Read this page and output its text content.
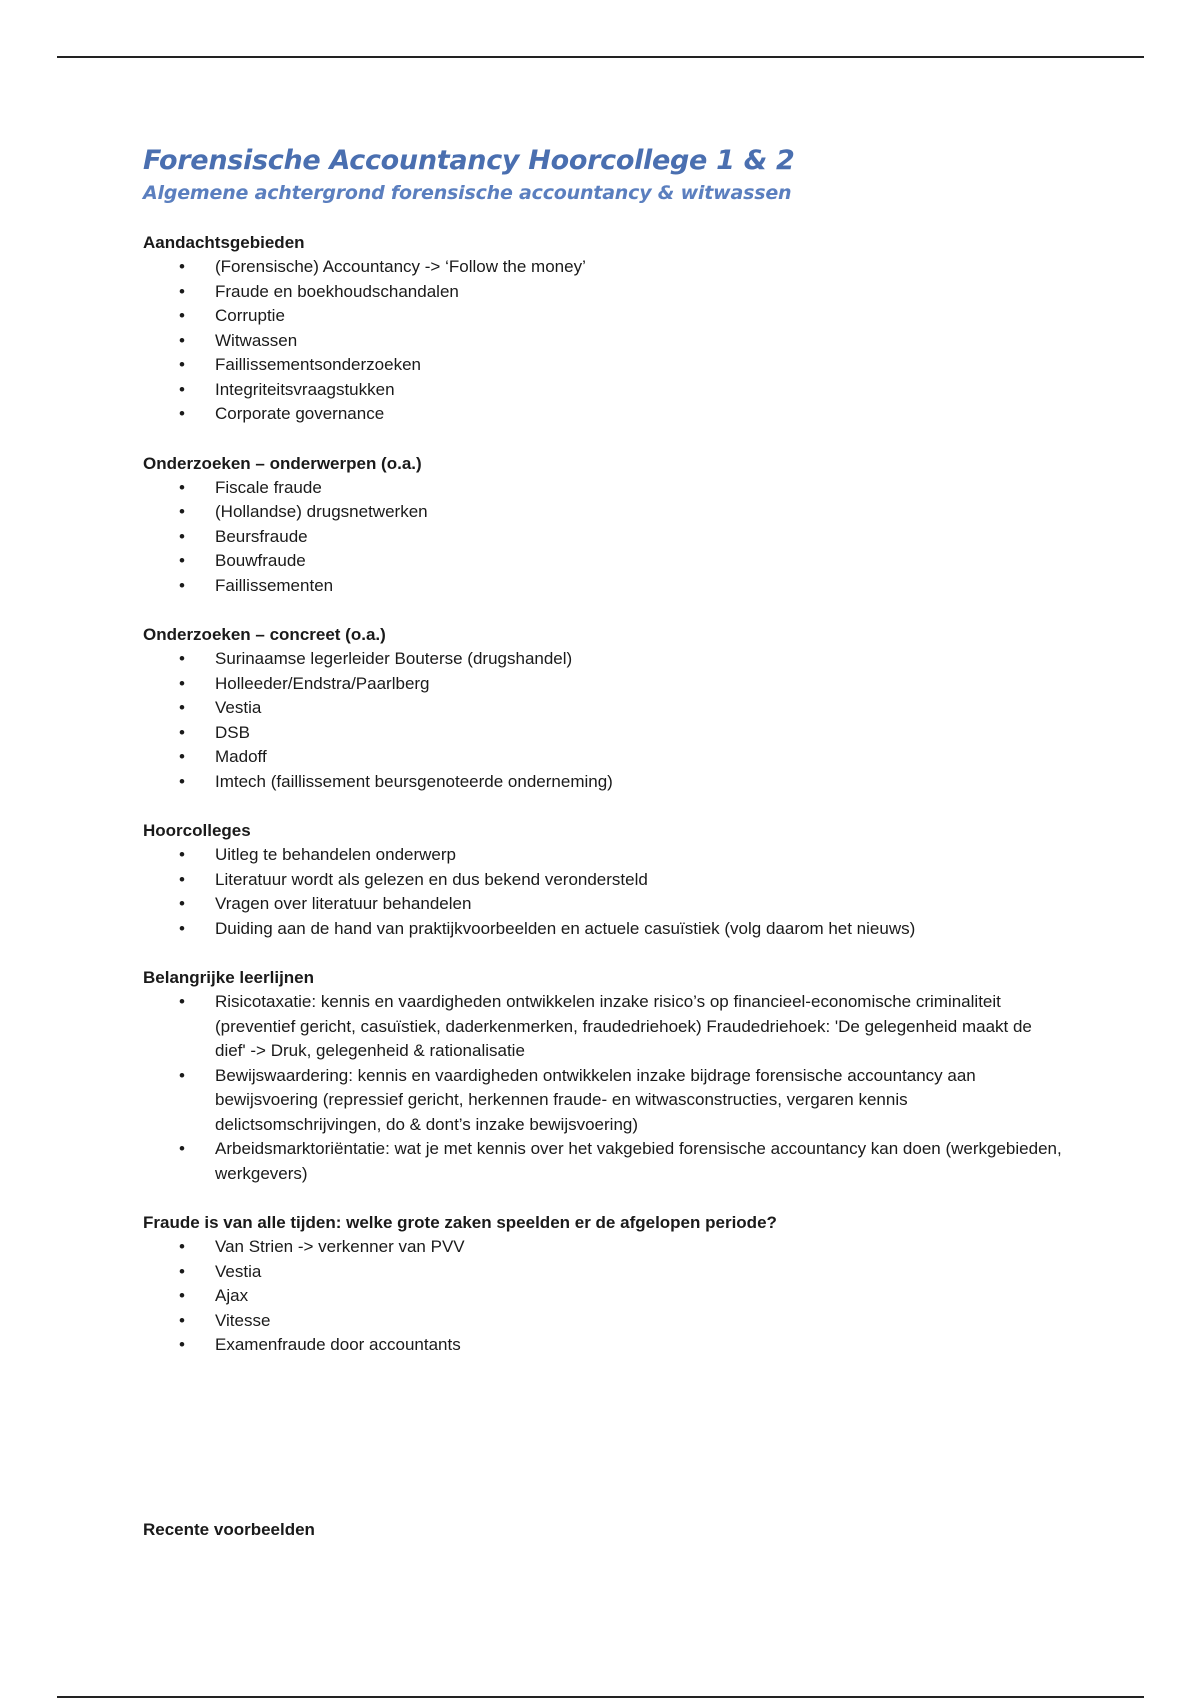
Forensische Accountancy Hoorcollege 1 & 2
Algemene achtergrond forensische accountancy & witwassen
Aandachtsgebieden
• (Forensische) Accountancy -> ‘Follow the money’
• Fraude en boekhoudschandalen
• Corruptie
• Witwassen
• Faillissementsonderzoeken
• Integriteitsvraagstukken
• Corporate governance
Onderzoeken – onderwerpen (o.a.)
• Fiscale fraude
• (Hollandse) drugsnetwerken
• Beursfraude
• Bouwfraude
• Faillissementen
Onderzoeken – concreet (o.a.)
• Surinaamse legerleider Bouterse (drugshandel)
• Holleeder/Endstra/Paarlberg
• Vestia
• DSB
• Madoff
• Imtech (faillissement beursgenoteerde onderneming)
Hoorcolleges
• Uitleg te behandelen onderwerp
• Literatuur wordt als gelezen en dus bekend verondersteld
• Vragen over literatuur behandelen
• Duiding aan de hand van praktijkvoorbeelden en actuele casuïstiek (volg daarom het nieuws)
Belangrijke leerlijnen
• Risicotaxatie: kennis en vaardigheden ontwikkelen inzake risico’s op financieel-economische criminaliteit (preventief gericht, casuïstiek, daderkenmerken, fraudedriehoek) Fraudedriehoek: 'De gelegenheid maakt de dief' -> Druk, gelegenheid & rationalisatie
• Bewijswaardering: kennis en vaardigheden ontwikkelen inzake bijdrage forensische accountancy aan bewijsvoering (repressief gericht, herkennen fraude- en witwasconstructies, vergaren kennis delictsomschrijvingen, do & dont’s inzake bewijsvoering)
• Arbeidsmarktoriëntatie: wat je met kennis over het vakgebied forensische accountancy kan doen (werkgebieden, werkgevers)
Fraude is van alle tijden: welke grote zaken speelden er de afgelopen periode?
• Van Strien -> verkenner van PVV
• Vestia
• Ajax
• Vitesse
• Examenfraude door accountants
Recente voorbeelden
